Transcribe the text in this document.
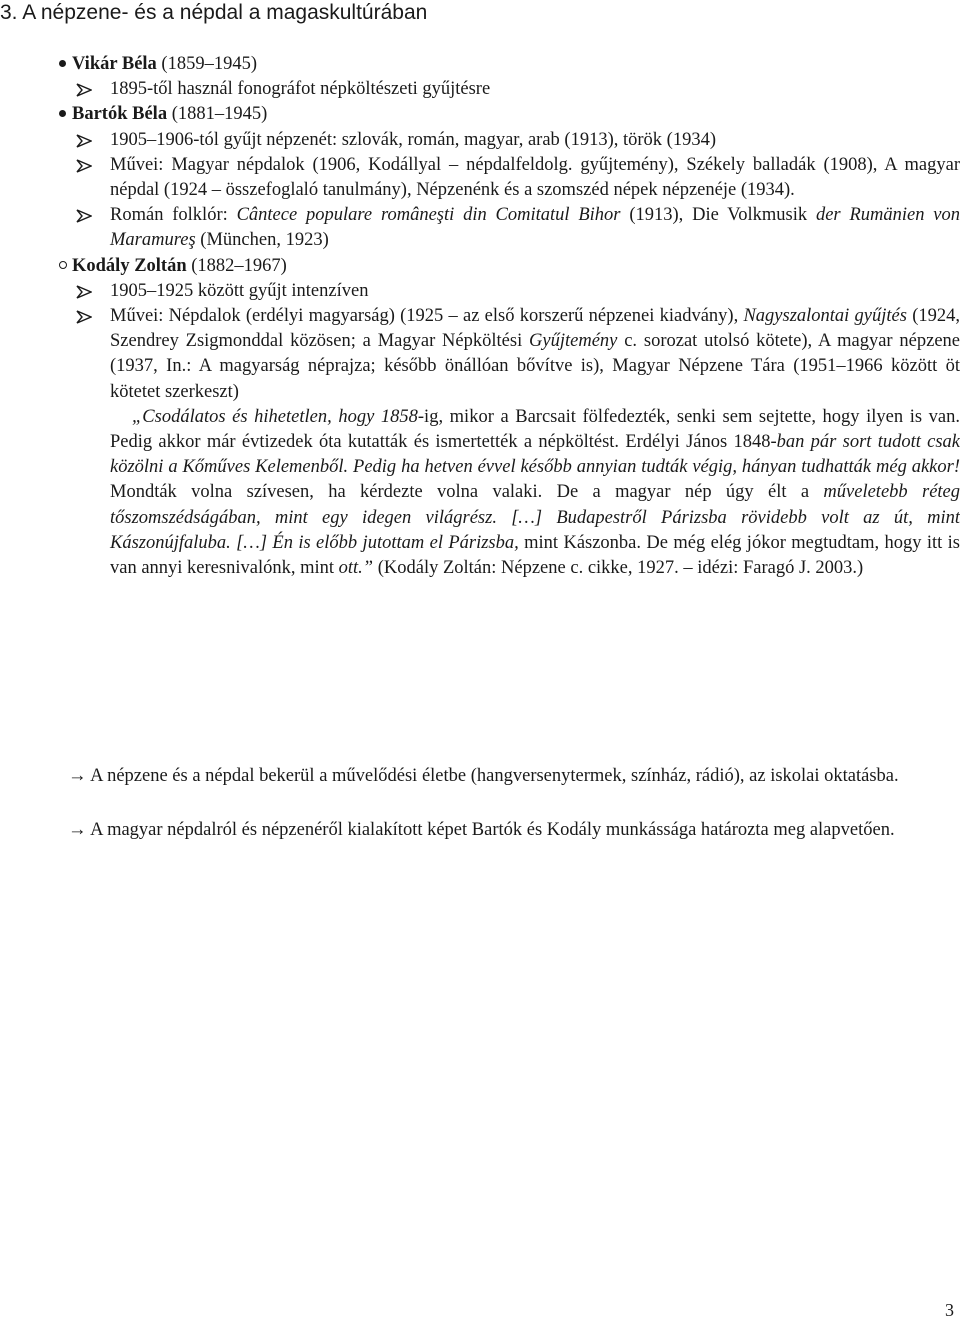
3. A népzene- és a népdal a magaskultúrában
Vikár Béla (1859–1945)
1895-től használ fonográfot népköltészeti gyűjtésre
Bartók Béla (1881–1945)
1905–1906-tól gyűjt népzenét: szlovák, román, magyar, arab (1913), török (1934)
Művei: Magyar népdalok (1906, Kodállyal – népdalfeldolg. gyűjtemény), Székely balladák (1908), A magyar népdal (1924 – összefoglaló tanulmány), Népzenénk és a szomszéd népek népzenéje (1934).
Román folklór: Cântece populare româneşti din Comitatul Bihor (1913), Die Volkmusik der Rumänien von Maramureş (München, 1923)
Kodály Zoltán (1882–1967)
1905–1925 között gyűjt intenzíven
Művei: Népdalok (erdélyi magyarság) (1925 – az első korszerű népzenei kiadvány), Nagyszalontai gyűjtés (1924, Szendrey Zsigmonddal közösen; a Magyar Népköltési Gyűjtemény c. sorozat utolsó kötete), A magyar népzene (1937, In.: A magyarság néprajza; később önállóan bővítve is), Magyar Népzene Tára (1951–1966 között öt kötetet szerkeszt)
„Csodálatos és hihetetlen, hogy 1858-ig, mikor a Barcsait fölfedezték, senki sem sejtette, hogy ilyen is van. Pedig akkor már évtizedek óta kutatták és ismertették a népköltést. Erdélyi János 1848-ban pár sort tudott csak közölni a Kőműves Kelemenből. Pedig ha hetven évvel később annyian tudták végig, hányan tudhatták még akkor! Mondták volna szívesen, ha kérdezte volna valaki. De a magyar nép úgy élt a műveletebb réteg tőszomszédságában, mint egy idegen világrész. […] Budapestről Párizsba rövidebb volt az út, mint Kászonújfaluba. […] Én is előbb jutottam el Párizsba, mint Kászonba. De még elég jókor megtudtam, hogy itt is van annyi keresnivalónk, mint ott.” (Kodály Zoltán: Népzene c. cikke, 1927. – idézi: Faragó J. 2003.)

→ A népzene és a népdal bekerül a művelődési életbe (hangversenytermek, színház, rádió), az iskolai oktatásba.

→ A magyar népdalról és népzenéről kialakított képet Bartók és Kodály munkássága határozta meg alapvetően.

3
